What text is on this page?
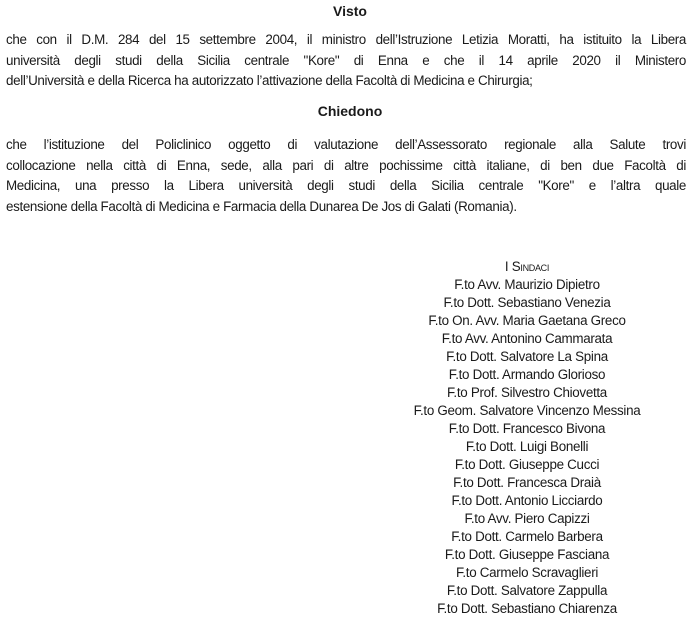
Visto
che con il D.M. 284 del 15 settembre 2004, il ministro dell’Istruzione Letizia Moratti, ha istituito la Libera
università degli studi della Sicilia centrale "Kore" di Enna e che il 14 aprile 2020 il Ministero
dell’Università e della Ricerca ha autorizzato l’attivazione della Facoltà di Medicina e Chirurgia;
Chiedono
che l’istituzione del Policlinico oggetto di valutazione dell’Assessorato regionale alla Salute trovi
collocazione nella città di Enna, sede, alla pari di altre pochissime città italiane, di ben due Facoltà di
Medicina, una presso la Libera università degli studi della Sicilia centrale "Kore" e l’altra quale
estensione della Facoltà di Medicina e Farmacia della Dunarea De Jos di Galati (Romania).
I Sindaci
F.to Avv. Maurizio Dipietro
F.to Dott. Sebastiano Venezia
F.to On. Avv. Maria Gaetana Greco
F.to Avv. Antonino Cammarata
F.to Dott. Salvatore La Spina
F.to Dott. Armando Glorioso
F.to Prof. Silvestro Chiovetta
F.to Geom. Salvatore Vincenzo Messina
F.to Dott. Francesco Bivona
F.to Dott. Luigi Bonelli
F.to Dott. Giuseppe Cucci
F.to Dott. Francesca Draià
F.to Dott. Antonio Licciardo
F.to Avv. Piero Capizzi
F.to Dott. Carmelo Barbera
F.to Dott. Giuseppe Fasciana
F.to Carmelo Scravaglieri
F.to Dott. Salvatore Zappulla
F.to Dott. Sebastiano Chiarenza
